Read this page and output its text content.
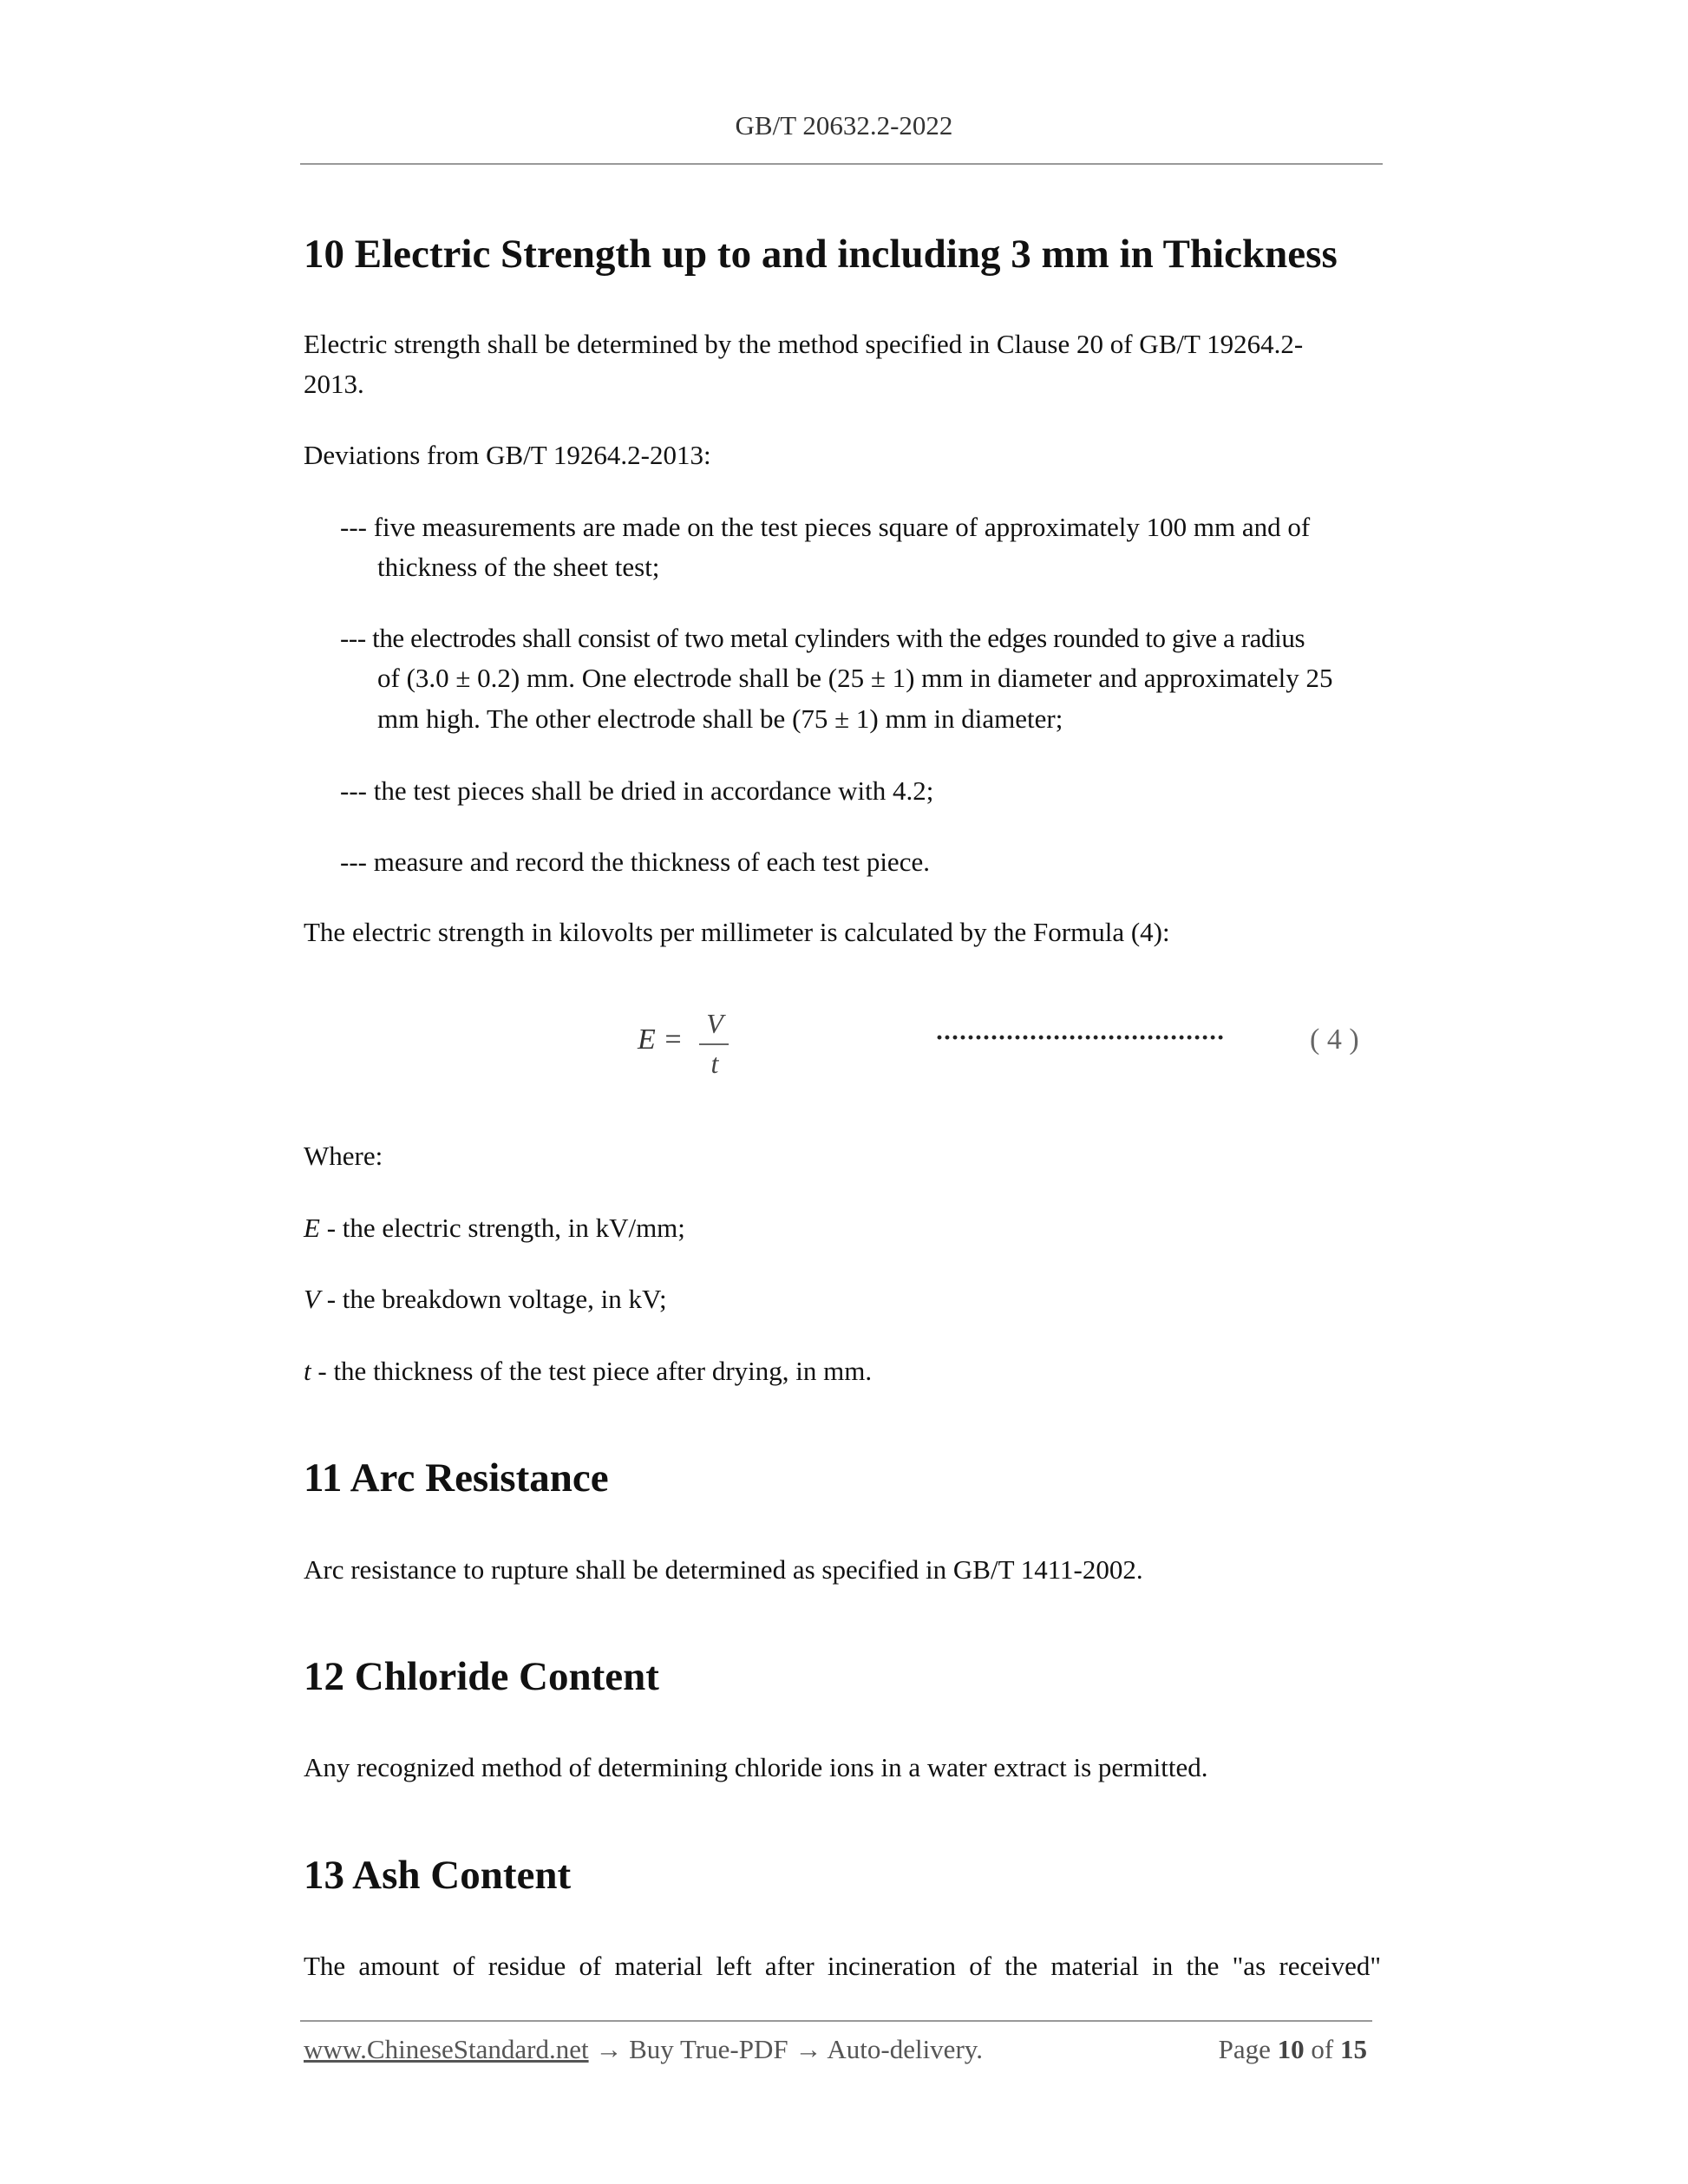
GB/T 20632.2-2022
10 Electric Strength up to and including 3 mm in Thickness
Electric strength shall be determined by the method specified in Clause 20 of GB/T 19264.2-
2013.
Deviations from GB/T 19264.2-2013:
--- five measurements are made on the test pieces square of approximately 100 mm and of
thickness of the sheet test;
--- the electrodes shall consist of two metal cylinders with the edges rounded to give a radius
of (3.0 ± 0.2) mm. One electrode shall be (25 ± 1) mm in diameter and approximately 25
mm high. The other electrode shall be (75 ± 1) mm in diameter;
--- the test pieces shall be dried in accordance with 4.2;
--- measure and record the thickness of each test piece.
The electric strength in kilovolts per millimeter is calculated by the Formula (4):
E = V
t
·····································	( 4 )
Where:
E - the electric strength, in kV/mm;
V - the breakdown voltage, in kV;
t - the thickness of the test piece after drying, in mm.
11 Arc Resistance
Arc resistance to rupture shall be determined as specified in GB/T 1411-2002.
12 Chloride Content
Any recognized method of determining chloride ions in a water extract is permitted.
13 Ash Content
The amount of residue of material left after incineration of the material in the "as received"
www.ChineseStandard.net → Buy True-PDF → Auto-delivery.	Page 10 of 15
